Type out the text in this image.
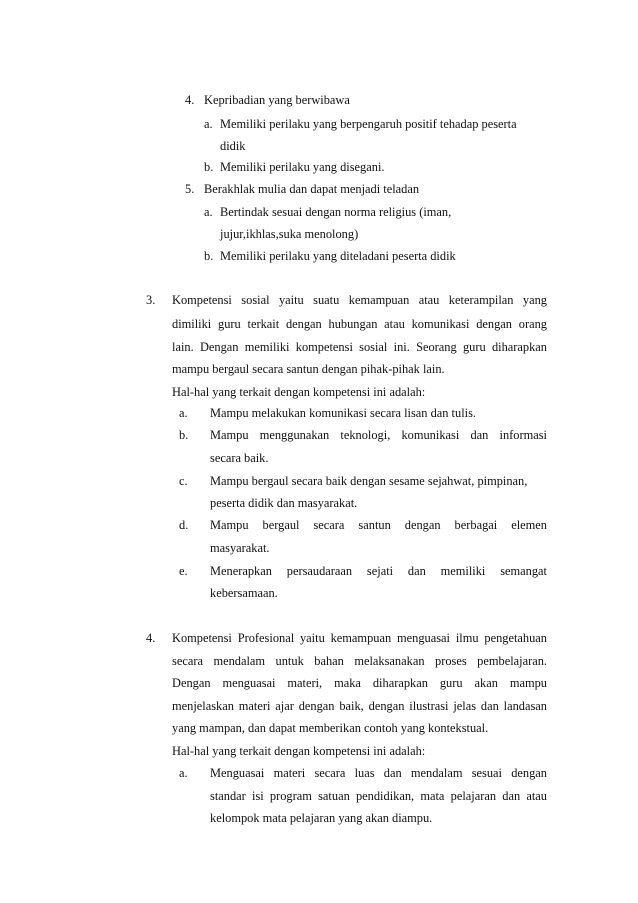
4. Kepribadian yang berwibawa
a. Memiliki perilaku yang berpengaruh positif tehadap peserta
didik
b. Memiliki perilaku yang disegani.
5. Berakhlak mulia dan dapat menjadi teladan
a. Bertindak sesuai dengan norma religius (iman,
jujur,ikhlas,suka menolong)
b. Memiliki perilaku yang diteladani peserta didik
3. Kompetensi sosial yaitu suatu kemampuan atau keterampilan yang
dimiliki guru terkait dengan hubungan atau komunikasi dengan orang
lain. Dengan memiliki kompetensi sosial ini. Seorang guru diharapkan
mampu bergaul secara santun dengan pihak-pihak lain.
Hal-hal yang terkait dengan kompetensi ini adalah:
a. Mampu melakukan komunikasi secara lisan dan tulis.
b. Mampu menggunakan teknologi, komunikasi dan informasi
secara baik.
c. Mampu bergaul secara baik dengan sesame sejahwat, pimpinan,
peserta didik dan masyarakat.
d. Mampu bergaul secara santun dengan berbagai elemen
masyarakat.
e. Menerapkan persaudaraan sejati dan memiliki semangat
kebersamaan.
4. Kompetensi Profesional yaitu kemampuan menguasai ilmu pengetahuan
secara mendalam untuk bahan melaksanakan proses pembelajaran.
Dengan menguasai materi, maka diharapkan guru akan mampu
menjelaskan materi ajar dengan baik, dengan ilustrasi jelas dan landasan
yang mampan, dan dapat memberikan contoh yang kontekstual.
Hal-hal yang terkait dengan kompetensi ini adalah:
a. Menguasai materi secara luas dan mendalam sesuai dengan
standar isi program satuan pendidikan, mata pelajaran dan atau
kelompok mata pelajaran yang akan diampu.
